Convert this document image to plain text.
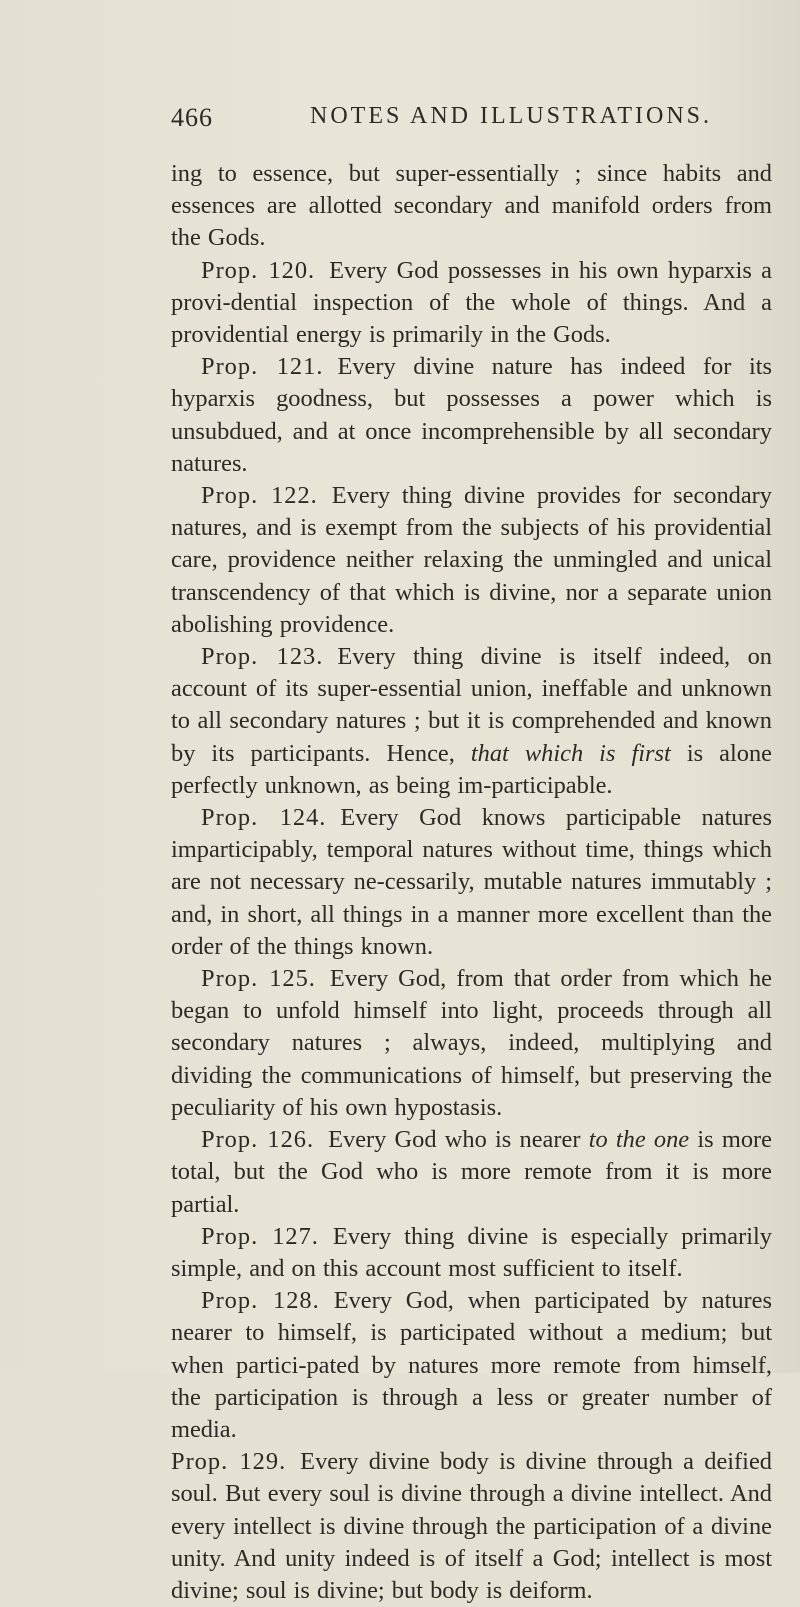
466	NOTES AND ILLUSTRATIONS.

ing to essence, but super-essentially ; since habits and essences are allotted secondary and manifold orders from the Gods.

Prop. 120. Every God possesses in his own hyparxis a provi-dential inspection of the whole of things. And a providential energy is primarily in the Gods.

Prop. 121. Every divine nature has indeed for its hyparxis goodness, but possesses a power which is unsubdued, and at once incomprehensible by all secondary natures.

Prop. 122. Every thing divine provides for secondary natures, and is exempt from the subjects of his providential care, providence neither relaxing the unmingled and unical transcendency of that which is divine, nor a separate union abolishing providence.

Prop. 123. Every thing divine is itself indeed, on account of its super-essential union, ineffable and unknown to all secondary natures ; but it is comprehended and known by its participants. Hence, that which is first is alone perfectly unknown, as being im-participable.

Prop. 124. Every God knows participable natures imparticipably, temporal natures without time, things which are not necessary ne-cessarily, mutable natures immutably ; and, in short, all things in a manner more excellent than the order of the things known.

Prop. 125. Every God, from that order from which he began to unfold himself into light, proceeds through all secondary natures ; always, indeed, multiplying and dividing the communications of himself, but preserving the peculiarity of his own hypostasis.

Prop. 126. Every God who is nearer to the one is more total, but the God who is more remote from it is more partial.

Prop. 127. Every thing divine is especially primarily simple, and on this account most sufficient to itself.

Prop. 128. Every God, when participated by natures nearer to himself, is participated without a medium; but when partici-pated by natures more remote from himself, the participation is through a less or greater number of media.

Prop. 129. Every divine body is divine through a deified soul. But every soul is divine through a divine intellect. And every intellect is divine through the participation of a divine unity. And unity indeed is of itself a God; intellect is most divine; soul is divine; but body is deiform.
